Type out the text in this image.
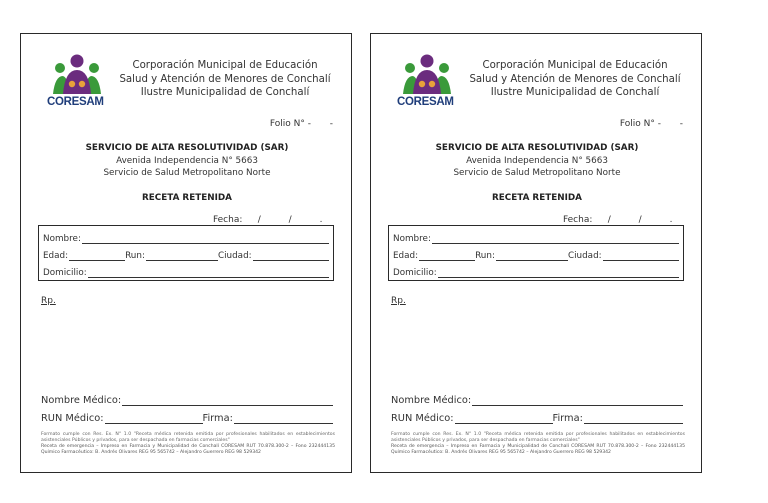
CORESAM
Corporación Municipal de Educación
Salud y Atención de Menores de Conchalí
Ilustre Municipalidad de Conchalí
Folio N° - -
SERVICIO DE ALTA RESOLUTIVIDAD (SAR)
Avenida Independencia N° 5663
Servicio de Salud Metropolitano Norte
RECETA RETENIDA
Fecha: /	/	.
Nombre:
Edad:	Run:	Ciudad:
Domicilio:
Rp.
Nombre Médico:
RUN Médico:	Firma:
Formato cumple con Res. Ex. N° 1.0 "Receta médica retenida emitida por profesionales habilitados en establecimientos asistenciales Públicos y privados, para ser despachada en farmacias comerciales"
Receta de emergencia – Impreso en Farmacia y Municipalidad de Conchalí CORESAM RUT 70.878.300-2 – Fono 232444135 Químico Farmacéutico: B. Andrés Olivares REG 95 565742 – Alejandro Guerrero REG 98 529342
CORESAM
Corporación Municipal de Educación
Salud y Atención de Menores de Conchalí
Ilustre Municipalidad de Conchalí
Folio N° - -
SERVICIO DE ALTA RESOLUTIVIDAD (SAR)
Avenida Independencia N° 5663
Servicio de Salud Metropolitano Norte
RECETA RETENIDA
Fecha: /	/	.
Nombre:
Edad:	Run:	Ciudad:
Domicilio:
Rp.
Nombre Médico:
RUN Médico:	Firma:
Formato cumple con Res. Ex. N° 1.0 "Receta médica retenida emitida por profesionales habilitados en establecimientos asistenciales Públicos y privados, para ser despachada en farmacias comerciales"
Receta de emergencia – Impreso en Farmacia y Municipalidad de Conchalí CORESAM RUT 70.878.300-2 – Fono 232444135 Químico Farmacéutico: B. Andrés Olivares REG 95 565742 – Alejandro Guerrero REG 98 529342
